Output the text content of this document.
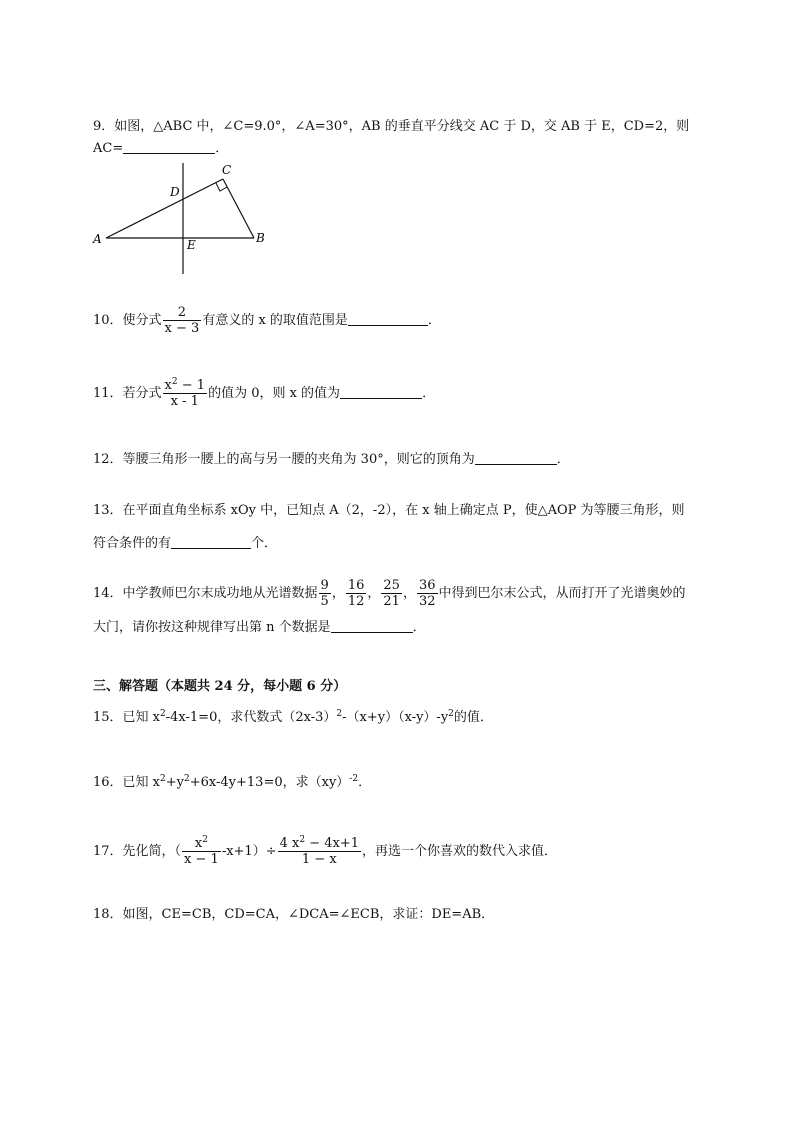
9．如图，△ABC 中，∠C=9.0°，∠A=30°，AB 的垂直平分线交 AC 于 D，交 AB 于 E，CD=2，则
AC=	．
A	B
C
D
E
10．使分式 $\frac{2}{x - 3}$ 有意义的 x 的取值范围是	．
11．若分式 $\frac{x^2 - 1}{x - 1}$ 的值为 0，则 x 的值为	．
12．等腰三角形一腰上的高与另一腰的夹角为 30°，则它的顶角为	．
13．在平面直角坐标系 xOy 中，已知点 A（2，-2），在 x 轴上确定点 P，使△AOP 为等腰三角形，则
符合条件的有	个．
14．中学教师巴尔末成功地从光谱数据 $\frac{9}{5}$ ， $\frac{16}{12}$ ， $\frac{25}{21}$ ， $\frac{36}{32}$ 中得到巴尔末公式，从而打开了光谱奥妙的
大门，请你按这种规律写出第 n 个数据是	．
三、解答题（本题共 24 分，每小题 6 分）
15．已知 $x^2-4x-1=0$，求代数式$(2x-3)^2-(x+y)(x-y)-y^2$的值．
16．已知 $x^2+y^2+6x-4y+13=0$，求（xy）$^{-2}$．
17．先化简，（ $\frac{x^2}{x - 1} -x+1)\div \frac{4 x^2 - 4x+1}{1 - x}$ ，再选一个你喜欢的数代入求值．
18．如图，CE=CB，CD=CA，∠DCA=∠ECB，求证：DE=AB．
